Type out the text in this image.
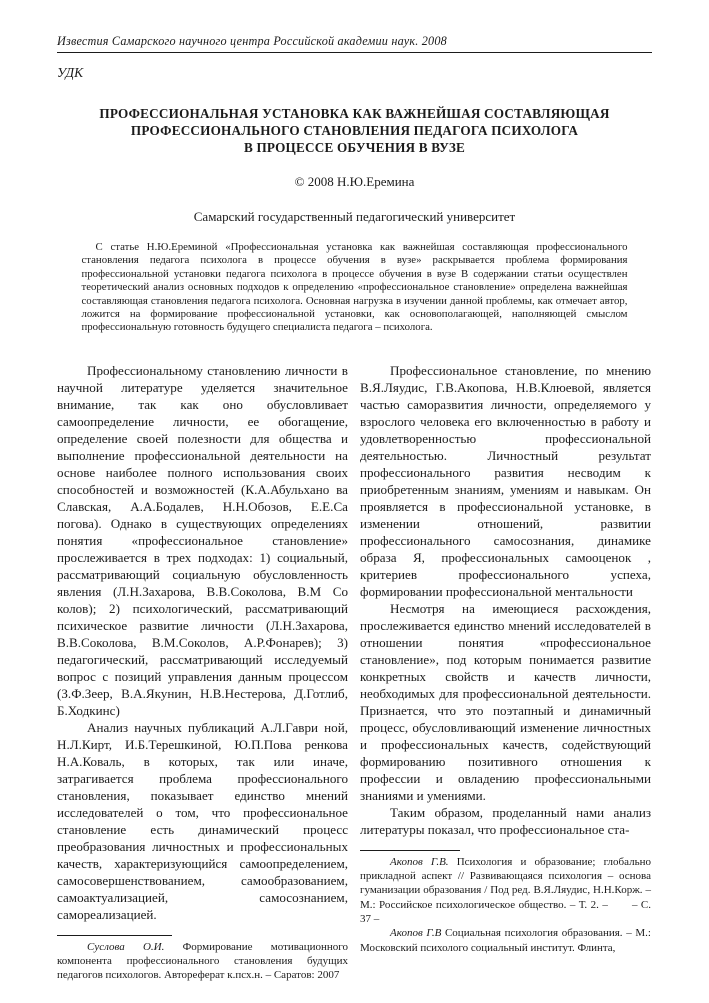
Известия Самарского научного центра Российской академии наук. 2008
УДК
ПРОФЕССИОНАЛЬНАЯ УСТАНОВКА КАК ВАЖНЕЙШАЯ СОСТАВЛЯЮЩАЯ
ПРОФЕССИОНАЛЬНОГО СТАНОВЛЕНИЯ ПЕДАГОГА ПСИХОЛОГА
В ПРОЦЕССЕ ОБУЧЕНИЯ В ВУЗЕ
© 2008 Н.Ю.Еремина
Самарский государственный педагогический университет
С статье Н.Ю.Ереминой «Профессиональная установка как важнейшая составляющая профессионального становления педагога психолога в процессе обучения в вузе» раскрывается проблема формирования профессиональной установки педагога психолога в процессе обучения в вузе В содержании статьи осуществлен теоретический анализ основных подходов к определению «профессиональное становление» определена важнейшая составляющая становления педагога психолога. Основная нагрузка в изучении данной проблемы, как отмечает автор, ложится на формирование профессиональной установки, как основополагающей, наполняющей смыслом профессиональную готовность будущего специалиста педагога – психолога.

Профессиональному становлению личности в научной литературе уделяется значительное внимание, так как оно обусловливает самоопределение личности, ее обогащение, определение своей полезности для общества и выполнение профессиональной деятельности на основе наиболее полного использования своих способностей и возможностей (К.А.Абульхано ва Славская, А.А.Бодалев, Н.Н.Обозов, Е.Е.Са погова). Однако в существующих определениях понятия «профессиональное становление» прослеживается в трех подходах: 1) социальный, рассматривающий социальную обусловленность явления (Л.Н.Захарова, В.В.Соколова, В.М Со колов); 2) психологический, рассматривающий психическое развитие личности (Л.Н.Захарова, В.В.Соколова, В.М.Соколов, А.Р.Фонарев); 3) педагогический, рассматривающий исследуемый вопрос с позиций управления данным процессом (З.Ф.Зеер, В.А.Якунин, Н.В.Нестерова, Д.Готлиб, Б.Ходкинс)

Анализ научных публикаций А.Л.Гаври ной, Н.Л.Кирт, И.Б.Терешкиной, Ю.П.Пова ренкова Н.А.Коваль, в которых, так или иначе, затрагивается проблема профессионального становления, показывает единство мнений исследователей о том, что профессиональное становление есть динамический процесс преобразования личностных и профессиональных качеств, характеризующийся самоопределением, самосовершенствованием, самообразованием, самоактуализацией, самосознанием, самореализацией.

Суслова О.И. Формирование мотивационного компонента профессионального становления будущих педагогов психологов. Автореферат к.псх.н. – Саратов: 2007

Профессиональное становление, по мнению В.Я.Ляудис, Г.В.Акопова, Н.В.Клюевой, является частью саморазвития личности, определяемого у взрослого человека его включенностью в работу и удовлетворенностью профессиональной деятельностью. Личностный результат профессионального развития несводим к приобретенным знаниям, умениям и навыкам. Он проявляется в профессиональной установке, в изменении отношений, развитии профессионального самосознания, динамике образа Я, профессиональных самооценок , критериев профессионального успеха, формировании профессиональной ментальности

Несмотря на имеющиеся расхождения, прослеживается единство мнений исследователей в отношении понятия «профессиональное становление», под которым понимается развитие конкретных свойств и качеств личности, необходимых для профессиональной деятельности. Признается, что это поэтапный и динамичный процесс, обусловливающий изменение личностных и профессиональных качеств, содействующий формированию позитивного отношения к профессии и овладению профессиональными знаниями и умениями.

Таким образом, проделанный нами анализ литературы показал, что профессиональное ста-

Акопов Г.В. Психология и образование; глобально прикладной аспект // Развивающаяся психология – основа гуманизации образования / Под ред. В.Я.Ляудис, Н.Н.Корж. – М.: Российское психологическое общество. – Т. 2. –       – С. 37 –

Акопов Г.В Социальная психология образования. – М.: Московский психолого социальный институт. Флинта,
